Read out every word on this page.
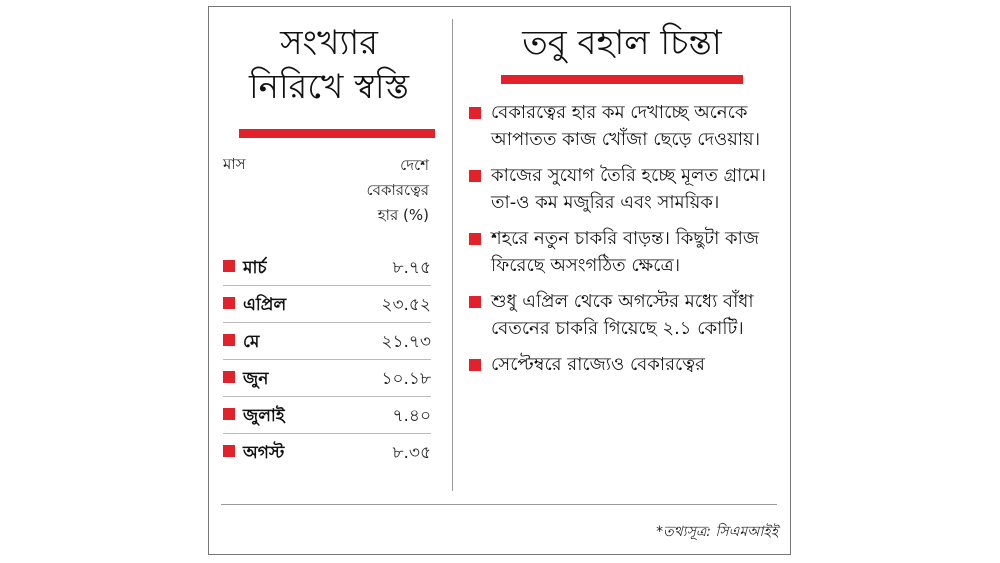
সংখ্যার
নিরিখে স্বস্তি
মাস	দেশে
বেকারত্বের
হার (%)
মার্চ	৮.৭৫
এপ্রিল	২৩.৫২
মে	২১.৭৩
জুন	১০.১৮
জুলাই	৭.৪০
অগস্ট	৮.৩৫
তবু বহাল চিন্তা
বেকারত্বের হার কম দেখাচ্ছে অনেকে আপাতত কাজ খোঁজা ছেড়ে দেওয়ায়।
কাজের সুযোগ তৈরি হচ্ছে মূলত গ্রামে। তা-ও কম মজুরির এবং সাময়িক।
শহরে নতুন চাকরি বাড়ন্ত। কিছুটা কাজ ফিরেছে অসংগঠিত ক্ষেত্রে।
শুধু এপ্রিল থেকে অগস্টের মধ্যে বাঁধা বেতনের চাকরি গিয়েছে ২.১ কোটি।
সেপ্টেম্বরে রাজ্যেও বেকারত্বের
*তথ্যসূত্র: সিএমআইই
